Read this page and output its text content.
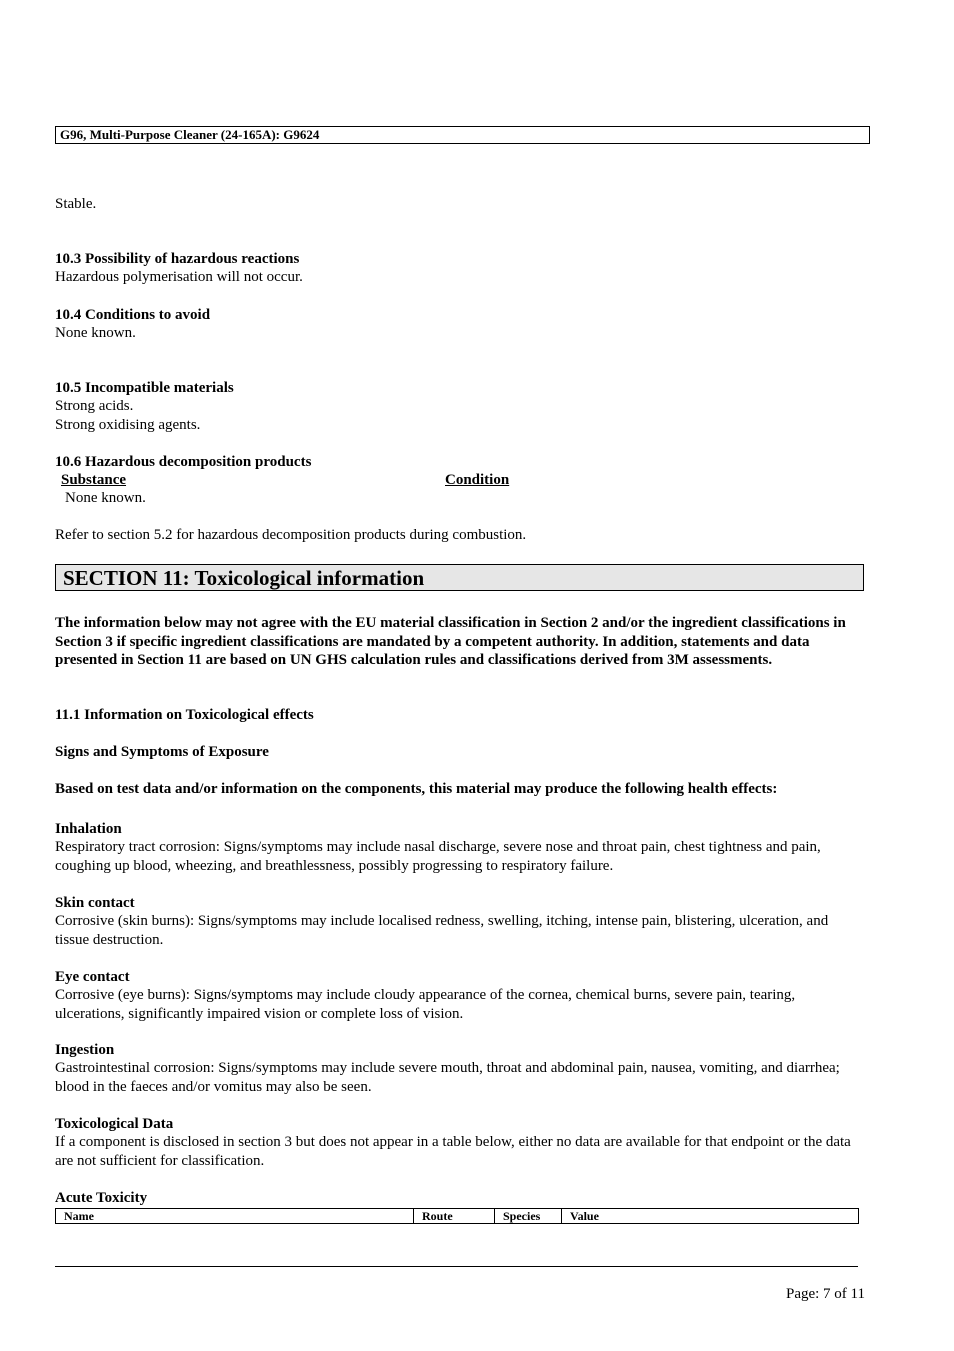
G96, Multi-Purpose Cleaner (24-165A): G9624
Stable.
10.3 Possibility of hazardous reactions
Hazardous polymerisation will not occur.
10.4 Conditions to avoid
None known.
10.5 Incompatible materials
Strong acids.
Strong oxidising agents.
10.6 Hazardous decomposition products
Substance	Condition
None known.
Refer to section 5.2 for hazardous decomposition products during combustion.
SECTION 11: Toxicological information
The information below may not agree with the EU material classification in Section 2 and/or the ingredient classifications in Section 3 if specific ingredient classifications are mandated by a competent authority. In addition, statements and data presented in Section 11 are based on UN GHS calculation rules and classifications derived from 3M assessments.
11.1 Information on Toxicological effects
Signs and Symptoms of Exposure
Based on test data and/or information on the components, this material may produce the following health effects:
Inhalation
Respiratory tract corrosion: Signs/symptoms may include nasal discharge, severe nose and throat pain, chest tightness and pain, coughing up blood, wheezing, and breathlessness, possibly progressing to respiratory failure.
Skin contact
Corrosive (skin burns): Signs/symptoms may include localised redness, swelling, itching, intense pain, blistering, ulceration, and tissue destruction.
Eye contact
Corrosive (eye burns): Signs/symptoms may include cloudy appearance of the cornea, chemical burns, severe pain, tearing, ulcerations, significantly impaired vision or complete loss of vision.
Ingestion
Gastrointestinal corrosion: Signs/symptoms may include severe mouth, throat and abdominal pain, nausea, vomiting, and diarrhea; blood in the faeces and/or vomitus may also be seen.
Toxicological Data
If a component is disclosed in section 3 but does not appear in a table below, either no data are available for that endpoint or the data are not sufficient for classification.
Acute Toxicity
Name	Route	Species	Value
Page: 7 of 11
